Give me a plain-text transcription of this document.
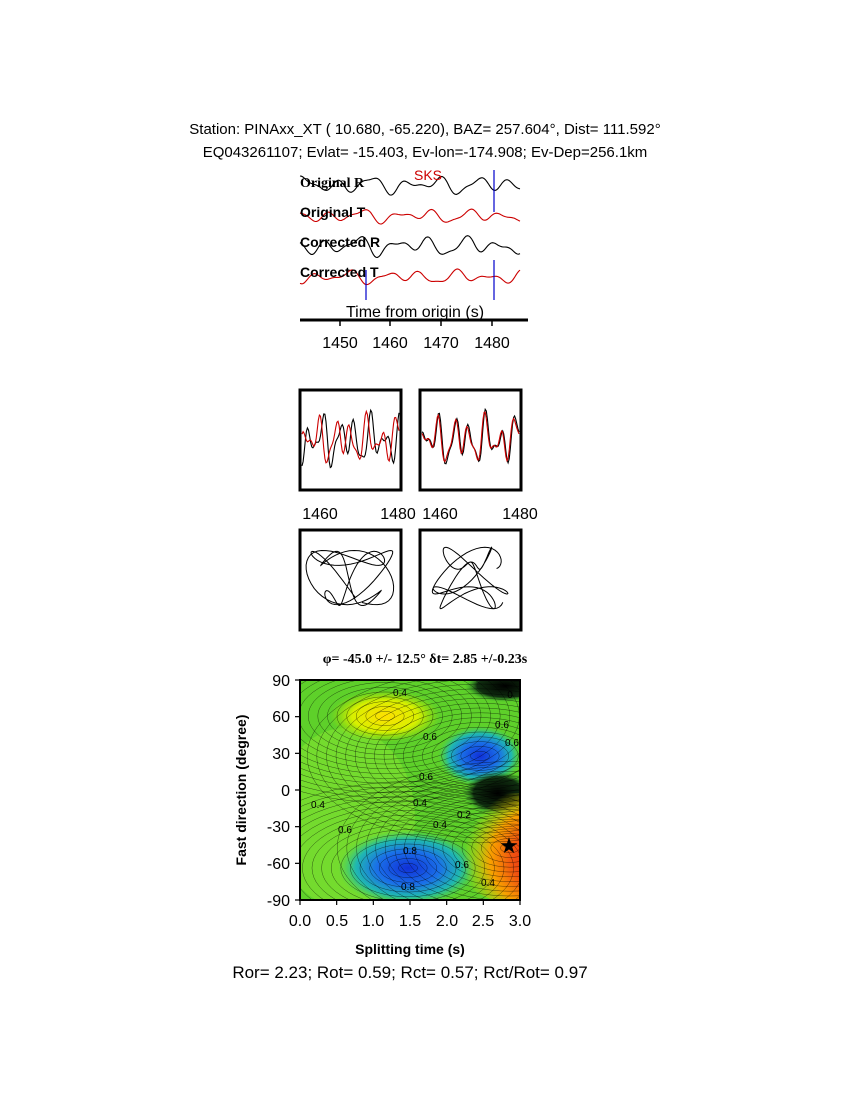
Station: PINAxx_XT ( 10.680, -65.220), BAZ= 257.604°, Dist= 111.592°
EQ043261107; Evlat= -15.403, Ev-lon=-174.908; Ev-Dep=256.1km
Original R
Original T
Corrected R
Corrected T
SKS
Time from origin (s)
1450 1460 1470 1480
1460	1480 1460	1480
φ= -45.0 +/- 12.5° δt= 2.85 +/-0.23s
0.4
0.4
0.6
0.6
0.6
0.4
0.4
0.2
0.6
0.8
0.8
0.6
0.4
0.6
0
★
90
60
30
0
-30
-60
-90
0.0 0.5 1.0 1.5 2.0 2.5 3.0
Splitting time (s)
Fast direction (degree)
Ror= 2.23; Rot= 0.59; Rct= 0.57; Rct/Rot= 0.97
